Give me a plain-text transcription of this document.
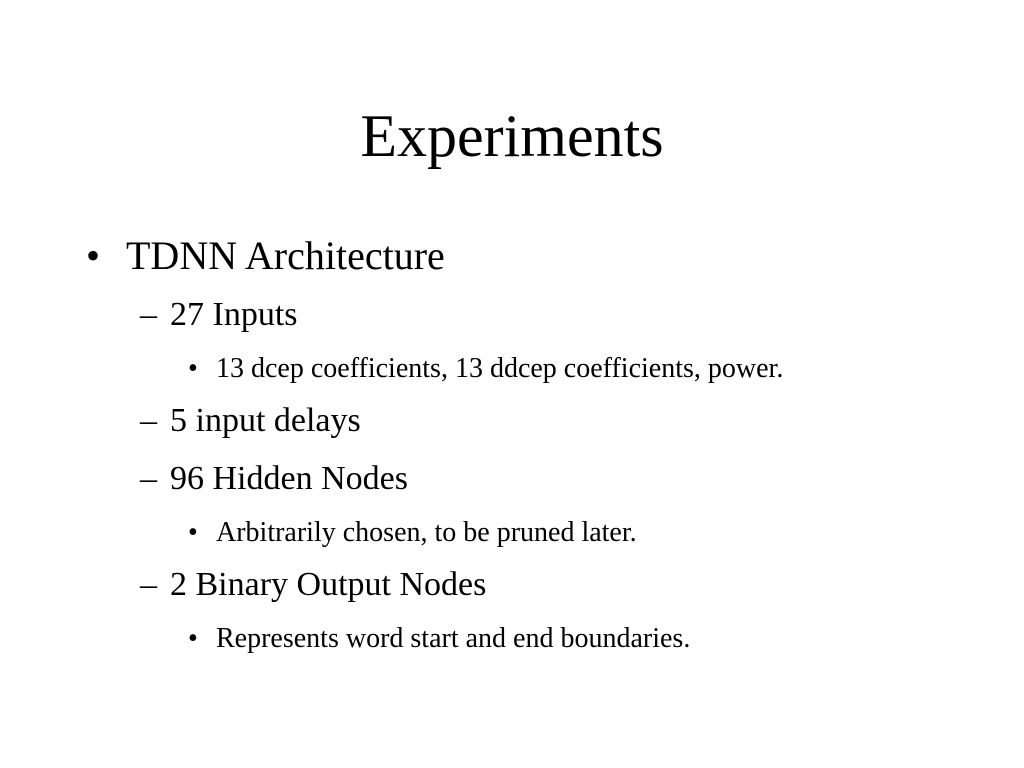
Experiments
• TDNN Architecture
– 27 Inputs
• 13 dcep coefficients, 13 ddcep coefficients, power.
– 5 input delays
– 96 Hidden Nodes
• Arbitrarily chosen, to be pruned later.
– 2 Binary Output Nodes
• Represents word start and end boundaries.
